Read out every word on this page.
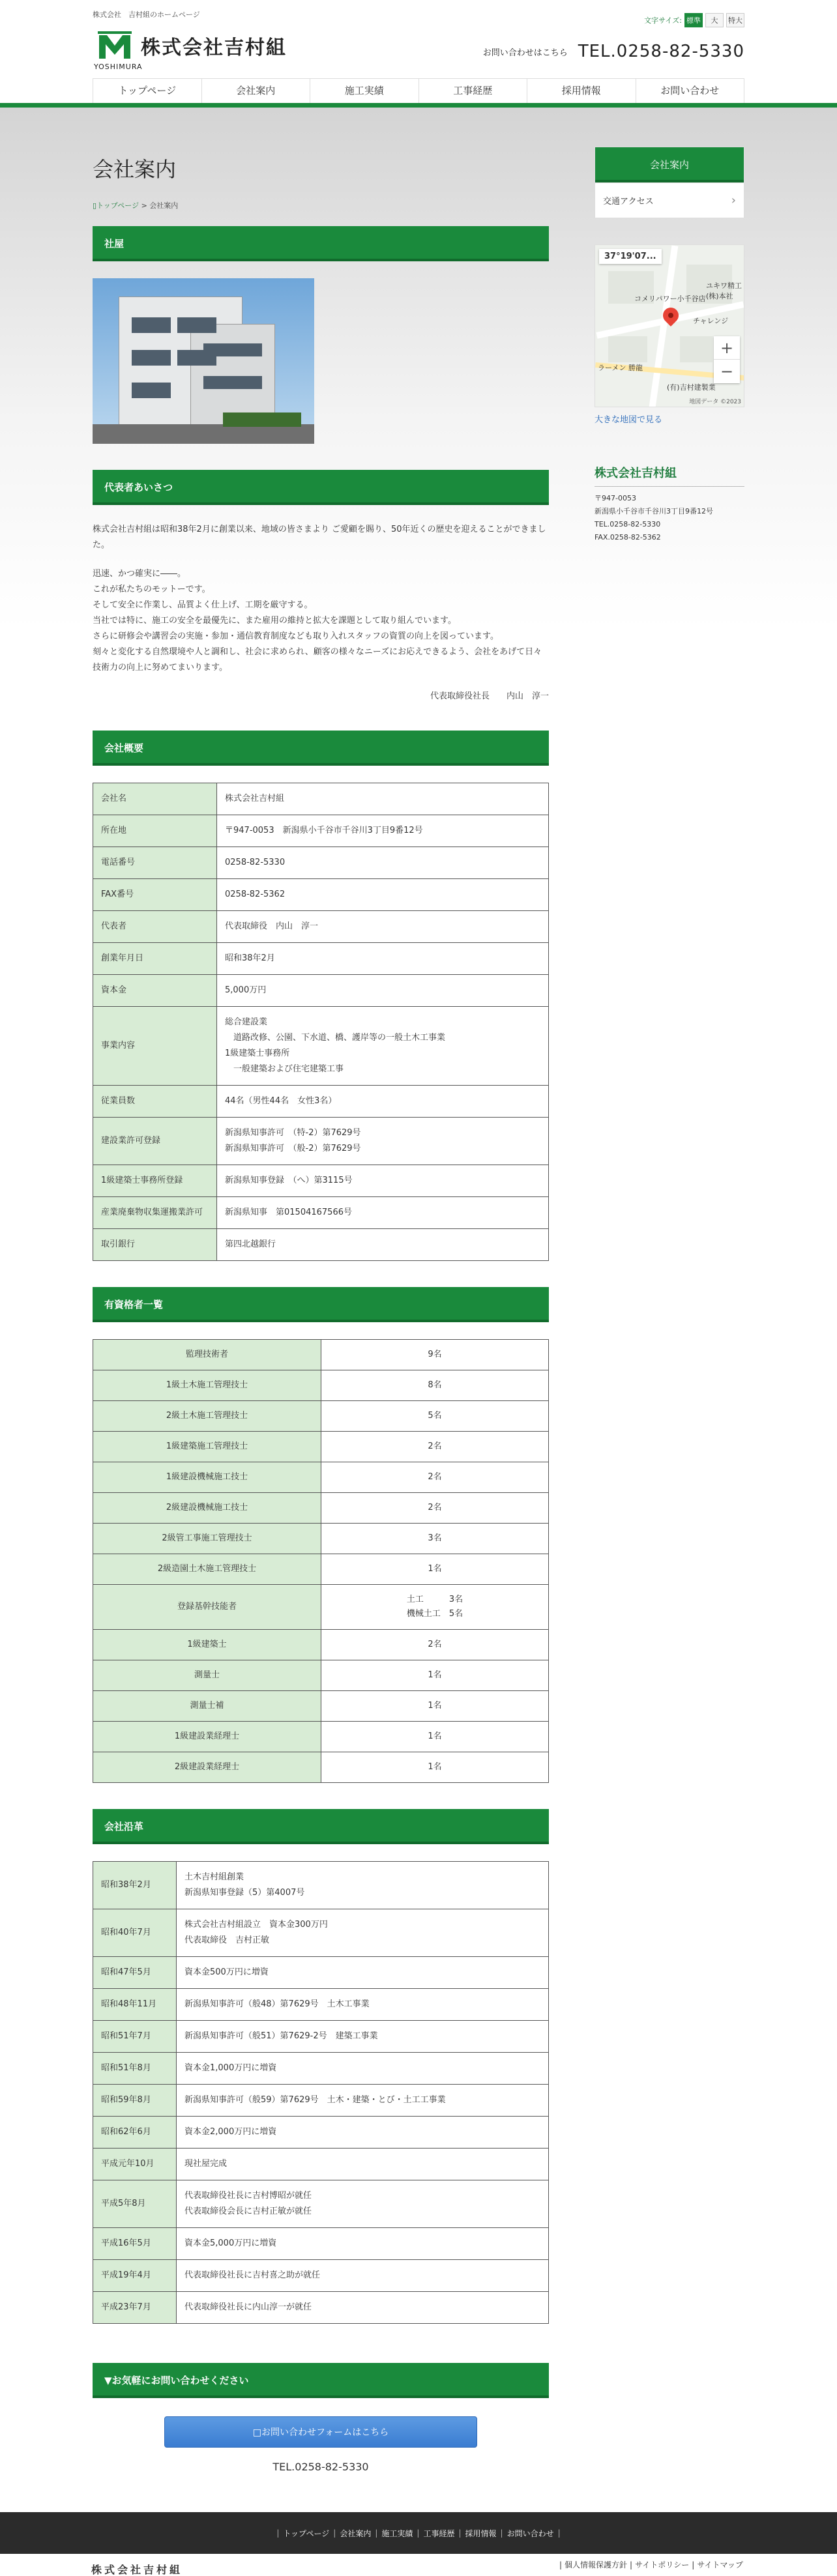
株式会社　吉村組のホームページ
文字サイズ: 標準	大	特大
YOSHIMURA
株式会社吉村組	お問い合わせはこちら TEL.0258-82-5330
トップページ	会社案内	施工実績	工事経歴	採用情報	お問い合わせ
会社案内
▯トップページ > 会社案内
社屋
代表者あいさつ

株式会社吉村組は昭和38年2月に創業以来、地域の皆さまより ご愛顧を賜り、50年近くの歴史を迎えることができました。

迅速、かつ確実に――。
これが私たちのモットーです。
そして安全に作業し、品質よく仕上げ、工期を厳守する。
当社では特に、施工の安全を最優先に、また雇用の維持と拡大を課題として取り組んでいます。
さらに研修会や講習会の実施・参加・通信教育制度なども取り入れスタッフの資質の向上を図っています。
刻々と変化する自然環境や人と調和し、社会に求められ、顧客の様々なニーズにお応えできるよう、会社をあげて日々技術力の向上に努めてまいります。

代表取締役社長　　内山　淳一
会社概要
会社名	株式会社吉村組

所在地	〒947-0053　新潟県小千谷市千谷川3丁目9番12号

電話番号	0258-82-5330

FAX番号	0258-82-5362

代表者	代表取締役　内山　淳一

創業年月日	昭和38年2月

資本金	5,000万円

事業内容	総合建設業
　道路改修、公園、下水道、橋、護岸等の一般土木工事業
1級建築士事務所
　一般建築および住宅建築工事

従業員数	44名（男性44名　女性3名）

建設業許可登録	新潟県知事許可　（特-2）第7629号
新潟県知事許可　（般-2）第7629号

1級建築士事務所登録	新潟県知事登録　（へ）第3115号

産業廃棄物収集運搬業許可	新潟県知事　第01504167566号

取引銀行	第四北越銀行
有資格者一覧
監理技術者	9名

1級土木施工管理技士	8名

2級土木施工管理技士	5名

1級建築施工管理技士	2名

1級建設機械施工技士	2名

2級建設機械施工技士	2名

2級管工事施工管理技士	3名

2級造園土木施工管理技士	1名

登録基幹技能者	土工　　　3名
機械土工　5名

1級建築士	2名

測量士	1名

測量士補	1名

1級建設業経理士	1名

2級建設業経理士	1名
会社沿革
昭和38年2月	土木吉村組創業
新潟県知事登録（5）第4007号

昭和40年7月	株式会社吉村組設立　資本金300万円
代表取締役　吉村正敏

昭和47年5月	資本金500万円に増資

昭和48年11月	新潟県知事許可（般48）第7629号　土木工事業

昭和51年7月	新潟県知事許可（般51）第7629-2号　建築工事業

昭和51年8月	資本金1,000万円に増資

昭和59年8月	新潟県知事許可（般59）第7629号　土木・建築・とび・土工工事業

昭和62年6月	資本金2,000万円に増資

平成元年10月	現社屋完成

平成5年8月	代表取締役社長に吉村博昭が就任
代表取締役会長に吉村正敏が就任

平成16年5月	資本金5,000万円に増資

平成19年4月	代表取締役社長に吉村喜之助が就任

平成23年7月	代表取締役社長に内山淳一が就任
▼お気軽にお問い合わせください
□お問い合わせフォームはこちら
TEL.0258-82-5330
会社案内
交通アクセス	›
37°19'07...
コメリパワー小千谷店
(有)吉村建製業
ユキワ精工(株)本社
ラーメン 勝龍
チャレンジ
+
−
地図データ ©2023
大きな地図で見る
株式会社吉村組
〒947-0053
新潟県小千谷市千谷川3丁目9番12号
TEL.0258-82-5330
FAX.0258-82-5362
| トップページ | 会社案内 | 施工実績 | 工事経歴 | 採用情報 | お問い合わせ |
株式会社吉村組	| 個人情報保護方針 | サイトポリシー | サイトマップ
